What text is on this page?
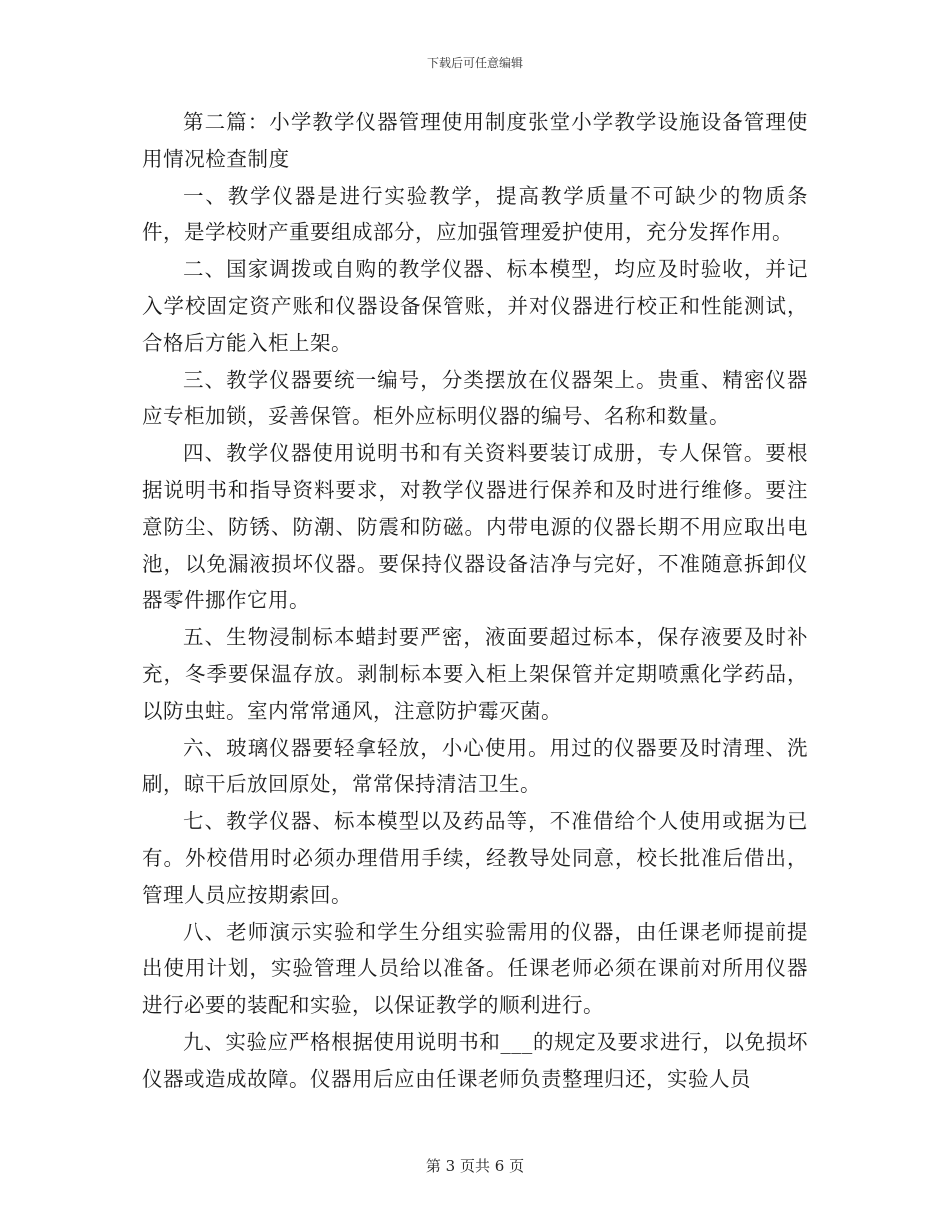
下载后可任意编辑

第二篇：小学教学仪器管理使用制度张堂小学教学设施设备管理使用情况检查制度

一、教学仪器是进行实验教学，提高教学质量不可缺少的物质条件，是学校财产重要组成部分，应加强管理爱护使用，充分发挥作用。

二、国家调拨或自购的教学仪器、标本模型，均应及时验收，并记入学校固定资产账和仪器设备保管账，并对仪器进行校正和性能测试，合格后方能入柜上架。

三、教学仪器要统一编号，分类摆放在仪器架上。贵重、精密仪器应专柜加锁，妥善保管。柜外应标明仪器的编号、名称和数量。

四、教学仪器使用说明书和有关资料要装订成册，专人保管。要根据说明书和指导资料要求，对教学仪器进行保养和及时进行维修。要注意防尘、防锈、防潮、防震和防磁。内带电源的仪器长期不用应取出电池，以免漏液损坏仪器。要保持仪器设备洁净与完好，不准随意拆卸仪器零件挪作它用。

五、生物浸制标本蜡封要严密，液面要超过标本，保存液要及时补充，冬季要保温存放。剥制标本要入柜上架保管并定期喷熏化学药品，以防虫蛀。室内常常通风，注意防护霉灭菌。

六、玻璃仪器要轻拿轻放，小心使用。用过的仪器要及时清理、洗刷，晾干后放回原处，常常保持清洁卫生。

七、教学仪器、标本模型以及药品等，不准借给个人使用或据为已有。外校借用时必须办理借用手续，经教导处同意，校长批准后借出，管理人员应按期索回。

八、老师演示实验和学生分组实验需用的仪器，由任课老师提前提出使用计划，实验管理人员给以准备。任课老师必须在课前对所用仪器进行必要的装配和实验，以保证教学的顺利进行。

九、实验应严格根据使用说明书和___的规定及要求进行，以免损坏仪器或造成故障。仪器用后应由任课老师负责整理归还，实验人员

第 3 页共 6 页
